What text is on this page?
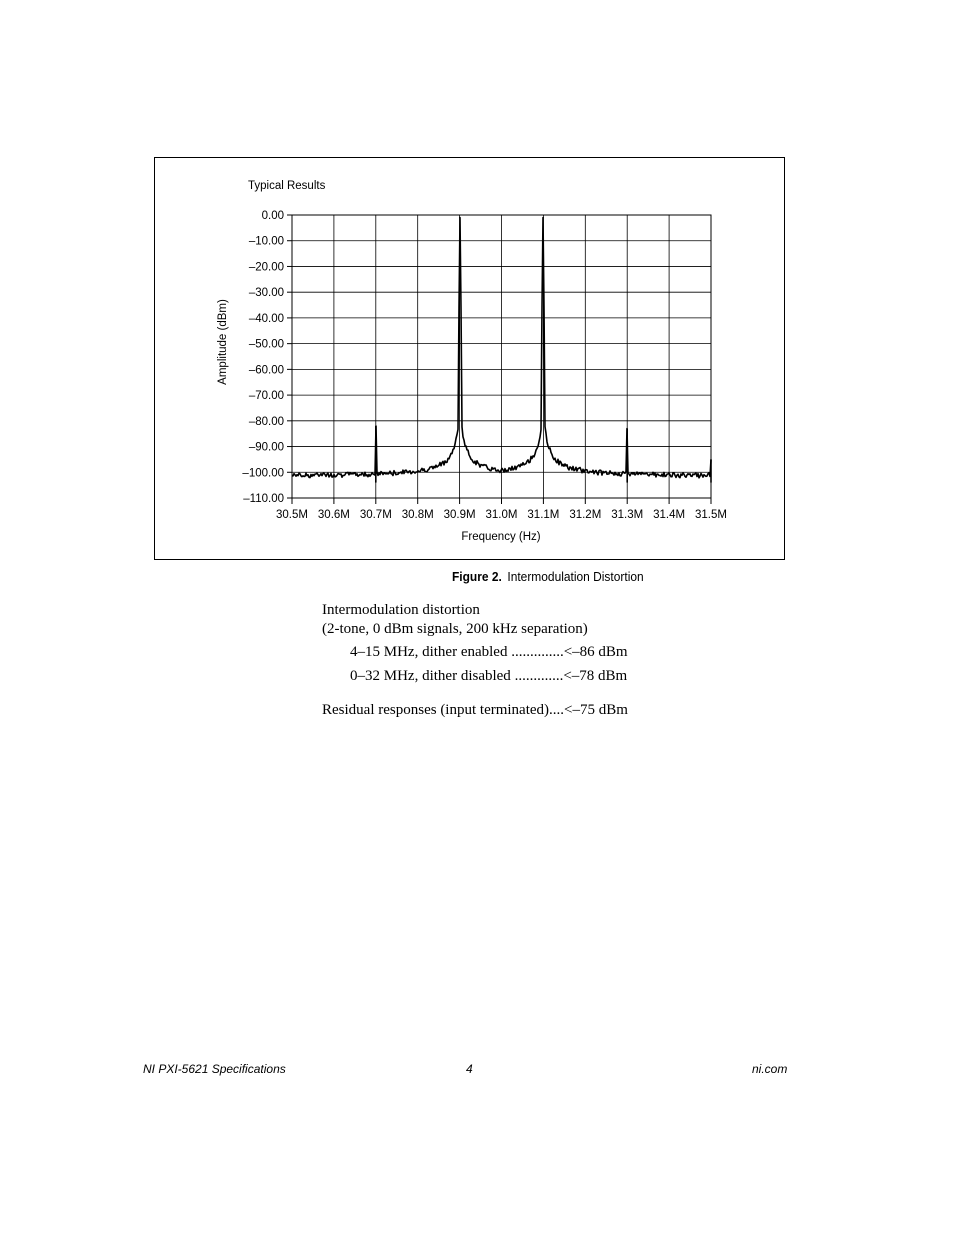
Typical Results
0.00
–10.00
–20.00
–30.00
–40.00
–50.00
–60.00
–70.00
–80.00
–90.00
–100.00
–110.00
30.5M 30.6M 30.7M 30.8M 30.9M 31.0M 31.1M 31.2M 31.3M 31.4M 31.5M
Amplitude (dBm)
Frequency (Hz)
Figure 2. Intermodulation Distortion
Intermodulation distortion
(2-tone, 0 dBm signals, 200 kHz separation)
4–15 MHz, dither enabled ..............<–86 dBm
0–32 MHz, dither disabled .............<–78 dBm
Residual responses (input terminated)....<–75 dBm
NI PXI-5621 Specifications	4	ni.com
